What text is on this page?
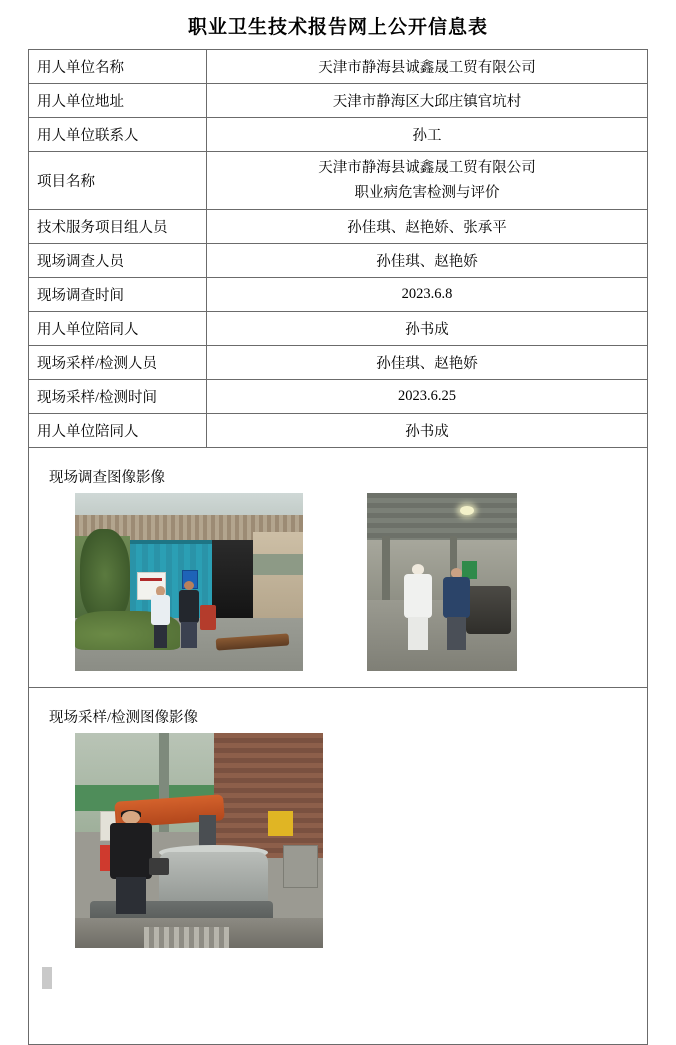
职业卫生技术报告网上公开信息表
用人单位名称	天津市静海县诚鑫晟工贸有限公司
用人单位地址	天津市静海区大邱庄镇官坑村
用人单位联系人	孙工
项目名称	天津市静海县诚鑫晟工贸有限公司
职业病危害检测与评价

技术服务项目组人员	孙佳琪、赵艳娇、张承平
现场调查人员	孙佳琪、赵艳娇
现场调查时间	2023.6.8
用人单位陪同人	孙书成
现场采样/检测人员	孙佳琪、赵艳娇
现场采样/检测时间	2023.6.25
用人单位陪同人	孙书成

现场调查图像影像	

现场采样/检测图像影像	
